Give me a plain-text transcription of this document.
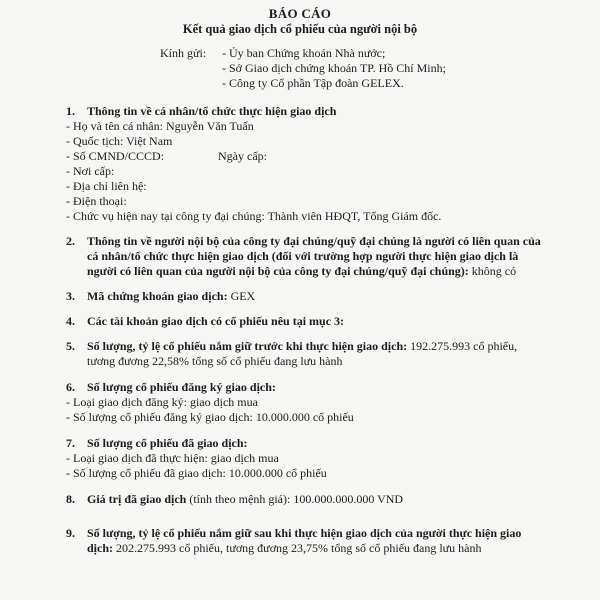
BÁO CÁO
Kết quả giao dịch cổ phiếu của người nội bộ
Kính gửi: - Ủy ban Chứng khoán Nhà nước;
- Sở Giao dịch chứng khoán TP. Hồ Chí Minh;
- Công ty Cổ phần Tập đoàn GELEX.
1. Thông tin về cá nhân/tổ chức thực hiện giao dịch
- Họ và tên cá nhân: Nguyễn Văn Tuấn
- Quốc tịch: Việt Nam
- Số CMND/CCCD:	Ngày cấp:
- Nơi cấp:
- Địa chỉ liên hệ:
- Điện thoại:
- Chức vụ hiện nay tại công ty đại chúng: Thành viên HĐQT, Tổng Giám đốc.
2. Thông tin về người nội bộ của công ty đại chúng/quỹ đại chúng là người có liên quan của
cá nhân/tổ chức thực hiện giao dịch (đối với trường hợp người thực hiện giao dịch là
người có liên quan của người nội bộ của công ty đại chúng/quỹ đại chúng): không có
3. Mã chứng khoán giao dịch: GEX
4. Các tài khoản giao dịch có cổ phiếu nêu tại mục 3:
5. Số lượng, tỷ lệ cổ phiếu nắm giữ trước khi thực hiện giao dịch: 192.275.993 cổ phiếu,
tương đương 22,58% tổng số cổ phiếu đang lưu hành
6. Số lượng cổ phiếu đăng ký giao dịch:
- Loại giao dịch đăng ký: giao dịch mua
- Số lượng cổ phiếu đăng ký giao dịch: 10.000.000 cổ phiếu
7. Số lượng cổ phiếu đã giao dịch:
- Loại giao dịch đã thực hiện: giao dịch mua
- Số lượng cổ phiếu đã giao dịch: 10.000.000 cổ phiếu
8. Giá trị đã giao dịch (tính theo mệnh giá): 100.000.000.000 VND
9. Số lượng, tỷ lệ cổ phiếu nắm giữ sau khi thực hiện giao dịch của người thực hiện giao
dịch: 202.275.993 cổ phiếu, tương đương 23,75% tổng số cổ phiếu đang lưu hành
